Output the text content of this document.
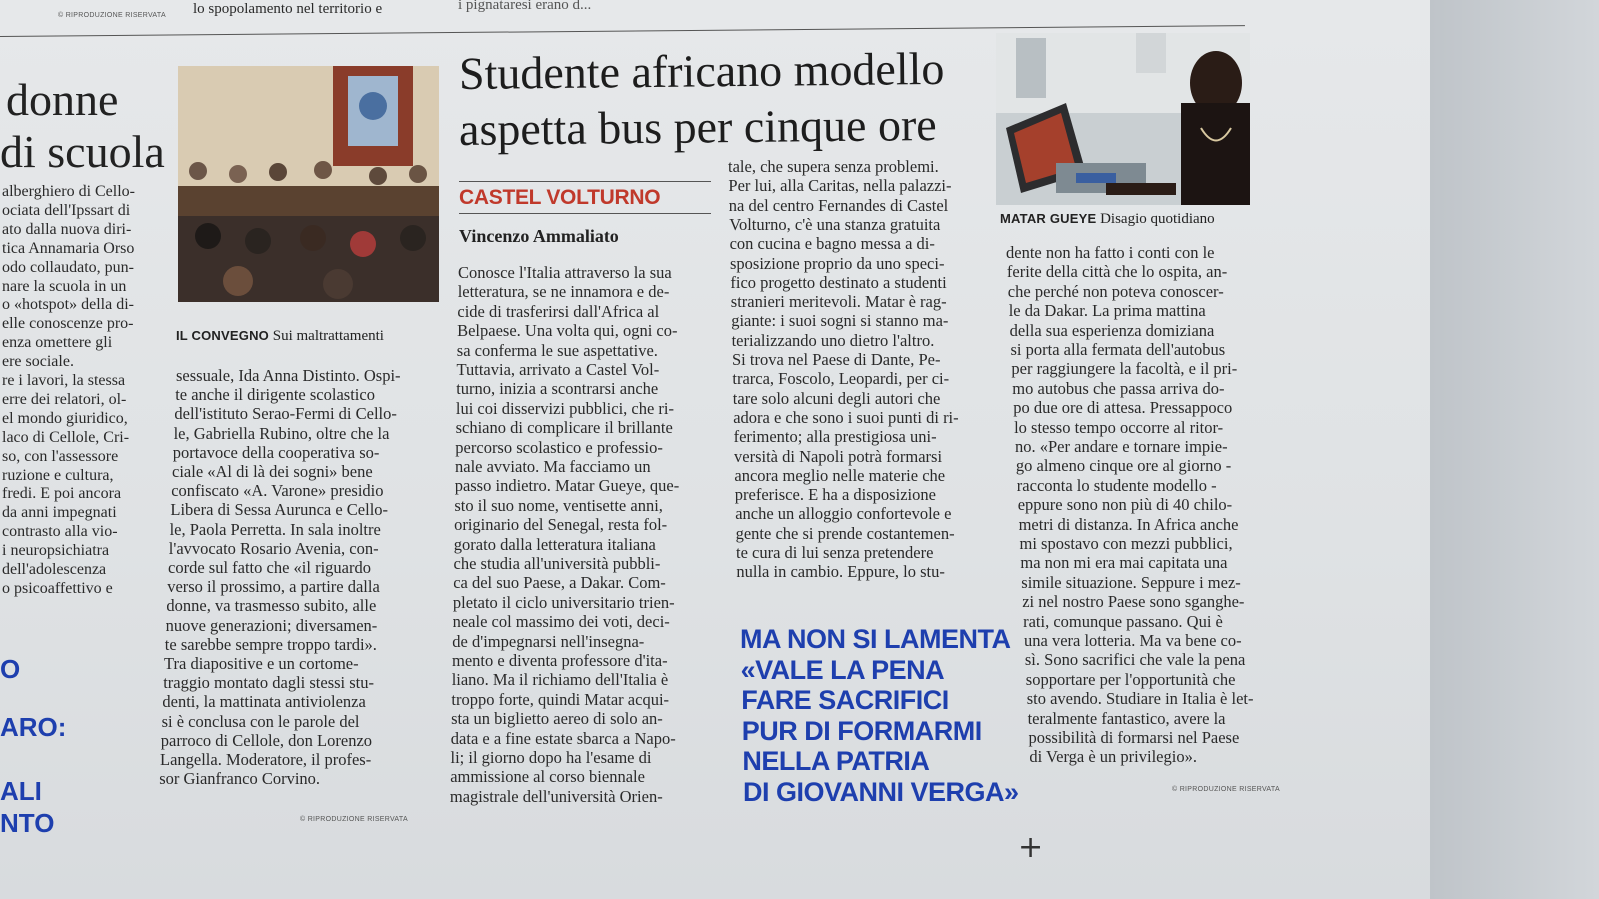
© RIPRODUZIONE RISERVATA lo spopolamento nel territorio e	i pignataresi erano d...
donne
di scuola
alberghiero di Cello-
ociata dell'Ipssart di
ato dalla nuova diri-
tica Annamaria Orso
odo collaudato, pun-
nare la scuola in un
o «hotspot» della di-
elle conoscenze pro-
enza omettere gli
ere sociale.
re i lavori, la stessa
erre dei relatori, ol-
el mondo giuridico,
laco di Cellole, Cri-
so, con l'assessore
ruzione e cultura,
fredi. E poi ancora
da anni impegnati
contrasto alla vio-
i neuropsichiatra
dell'adolescenza
o psicoaffettivo e
O
ARO:
ALI
NTO
IL CONVEGNO Sui maltrattamenti
sessuale, Ida Anna Distinto. Ospi-
te anche il dirigente scolastico
dell'istituto Serao-Fermi di Cello-
le, Gabriella Rubino, oltre che la
portavoce della cooperativa so-
ciale «Al di là dei sogni» bene
confiscato «A. Varone» presidio
Libera di Sessa Aurunca e Cello-
le, Paola Perretta. In sala inoltre
l'avvocato Rosario Avenia, con-
corde sul fatto che «il riguardo
verso il prossimo, a partire dalla
donne, va trasmesso subito, alle
nuove generazioni; diversamen-
te sarebbe sempre troppo tardi».
Tra diapositive e un cortome-
traggio montato dagli stessi stu-
denti, la mattinata antiviolenza
si è conclusa con le parole del
parroco di Cellole, don Lorenzo
Langella. Moderatore, il profes-
sor Gianfranco Corvino.
© RIPRODUZIONE RISERVATA
Studente africano modello
aspetta bus per cinque ore
CASTEL VOLTURNO
Vincenzo Ammaliato
Conosce l'Italia attraverso la sua
letteratura, se ne innamora e de-
cide di trasferirsi dall'Africa al
Belpaese. Una volta qui, ogni co-
sa conferma le sue aspettative.
Tuttavia, arrivato a Castel Vol-
turno, inizia a scontrarsi anche
lui coi disservizi pubblici, che ri-
schiano di complicare il brillante
percorso scolastico e professio-
nale avviato. Ma facciamo un
passo indietro. Matar Gueye, que-
sto il suo nome, ventisette anni,
originario del Senegal, resta fol-
gorato dalla letteratura italiana
che studia all'università pubbli-
ca del suo Paese, a Dakar. Com-
pletato il ciclo universitario trien-
neale col massimo dei voti, deci-
de d'impegnarsi nell'insegna-
mento e diventa professore d'ita-
liano. Ma il richiamo dell'Italia è
troppo forte, quindi Matar acqui-
sta un biglietto aereo di solo an-
data e a fine estate sbarca a Napo-
li; il giorno dopo ha l'esame di
ammissione al corso biennale
magistrale dell'università Orien-
tale, che supera senza problemi.
Per lui, alla Caritas, nella palazzi-
na del centro Fernandes di Castel
Volturno, c'è una stanza gratuita
con cucina e bagno messa a di-
sposizione proprio da uno speci-
fico progetto destinato a studenti
stranieri meritevoli. Matar è rag-
giante: i suoi sogni si stanno ma-
terializzando uno dietro l'altro.
Si trova nel Paese di Dante, Pe-
trarca, Foscolo, Leopardi, per ci-
tare solo alcuni degli autori che
adora e che sono i suoi punti di ri-
ferimento; alla prestigiosa uni-
versità di Napoli potrà formarsi
ancora meglio nelle materie che
preferisce. E ha a disposizione
anche un alloggio confortevole e
gente che si prende costantemen-
te cura di lui senza pretendere
nulla in cambio. Eppure, lo stu-
MA NON SI LAMENTA
«VALE LA PENA
FARE SACRIFICI
PUR DI FORMARMI
NELLA PATRIA
DI GIOVANNI VERGA»
MATAR GUEYE Disagio quotidiano
dente non ha fatto i conti con le
ferite della città che lo ospita, an-
che perché non poteva conoscer-
le da Dakar. La prima mattina
della sua esperienza domiziana
si porta alla fermata dell'autobus
per raggiungere la facoltà, e il pri-
mo autobus che passa arriva do-
po due ore di attesa. Pressappoco
lo stesso tempo occorre al ritor-
no. «Per andare e tornare impie-
go almeno cinque ore al giorno -
racconta lo studente modello -
eppure sono non più di 40 chilo-
metri di distanza. In Africa anche
mi spostavo con mezzi pubblici,
ma non mi era mai capitata una
simile situazione. Seppure i mez-
zi nel nostro Paese sono sganghe-
rati, comunque passano. Qui è
una vera lotteria. Ma va bene co-
sì. Sono sacrifici che vale la pena
sopportare per l'opportunità che
sto avendo. Studiare in Italia è let-
teralmente fantastico, avere la
possibilità di formarsi nel Paese
di Verga è un privilegio».
© RIPRODUZIONE RISERVATA
+
